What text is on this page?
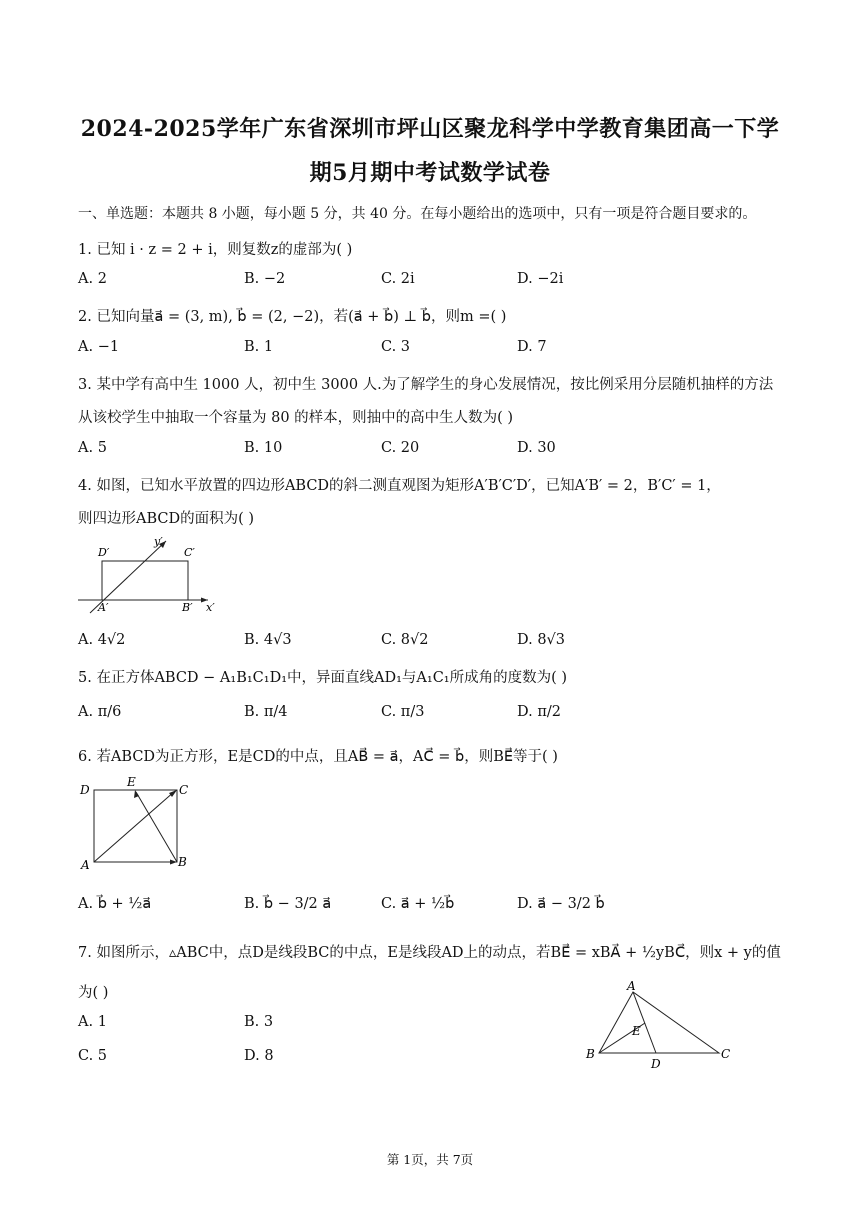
2024-2025学年广东省深圳市坪山区聚龙科学中学教育集团高一下学
期5月期中考试数学试卷
一、单选题：本题共 8 小题，每小题 5 分，共 40 分。在每小题给出的选项中，只有一项是符合题目要求的。
1. 已知 i · z = 2 + i，则复数z的虚部为( )
A. 2	B. −2	C. 2i	D. −2i
2. 已知向量a⃗ = (3, m), b⃗ = (2, −2)，若(a⃗ + b⃗) ⊥ b⃗，则m =( )
A. −1	B. 1	C. 3	D. 7
3. 某中学有高中生 1000 人，初中生 3000 人.为了解学生的身心发展情况，按比例采用分层随机抽样的方法
从该校学生中抽取一个容量为 80 的样本，则抽中的高中生人数为( )
A. 5	B. 10	C. 20	D. 30
4. 如图，已知水平放置的四边形ABCD的斜二测直观图为矩形A′B′C′D′，已知A′B′ = 2，B′C′ = 1，
则四边形ABCD的面积为( )
D′	C′
A′	B′ x′
y′
A. 4√2	B. 4√3	C. 8√2	D. 8√3
5. 在正方体ABCD − A₁B₁C₁D₁中，异面直线AD₁与A₁C₁所成角的度数为( )
A. π/6	B. π/4	C. π/3	D. π/2
6. 若ABCD为正方形，E是CD的中点，且AB⃗ = a⃗，AC⃗ = b⃗，则BE⃗等于( )
D
E
C
A	B
A. b⃗ + ½a⃗	B. b⃗ − 3/2 a⃗	C. a⃗ + ½b⃗	D. a⃗ − 3/2 b⃗
7. 如图所示，▵ABC中，点D是线段BC的中点，E是线段AD上的动点，若BE⃗ = xBA⃗ + ½yBC⃗，则x + y的值
为( )
A. 1	B. 3
C. 5	D. 8
A
E
B
D
C
第 1页，共 7页
